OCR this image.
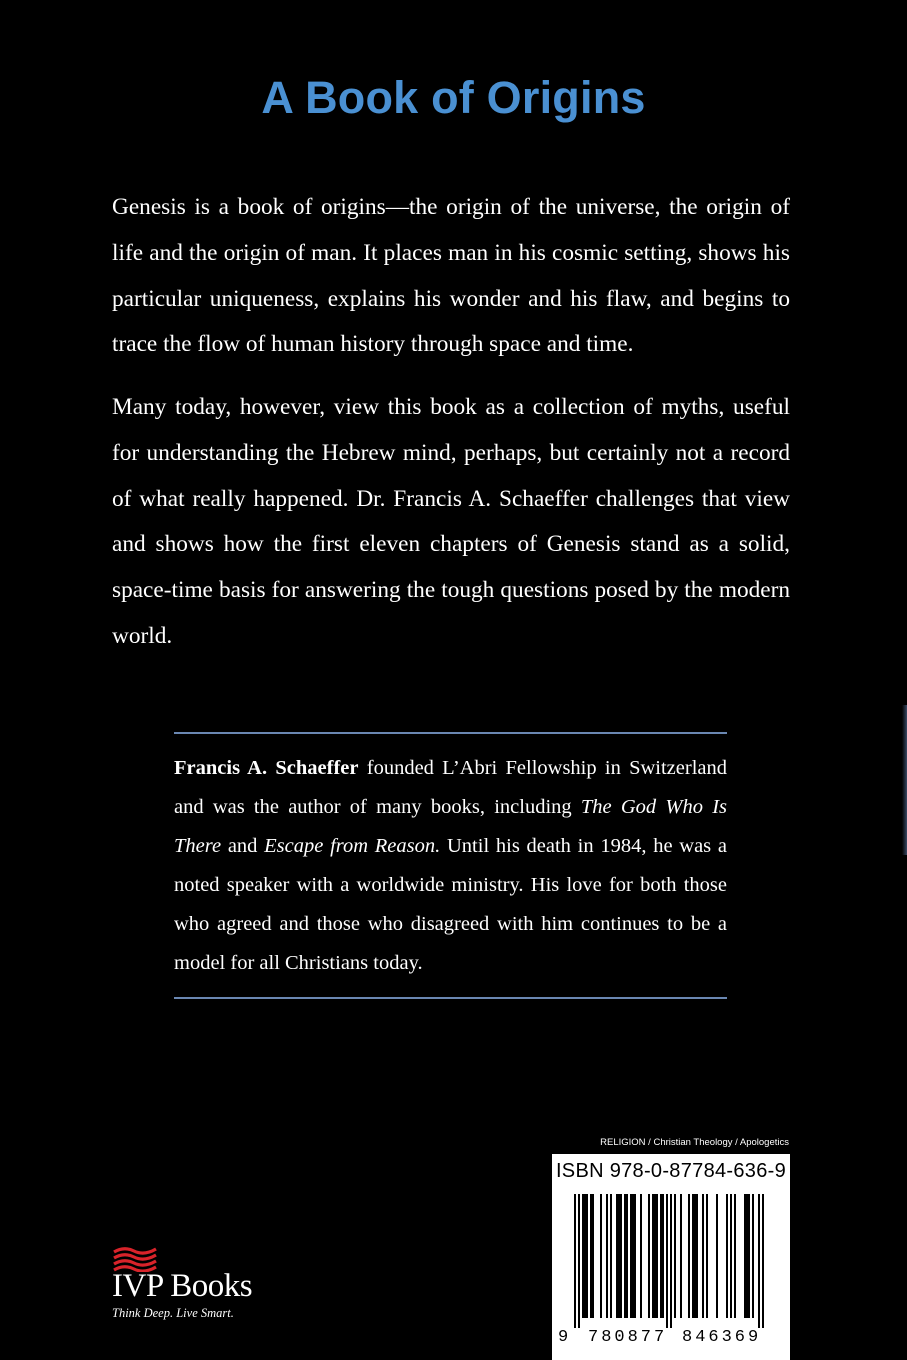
A Book of Origins

Genesis is a book of origins—the origin of the universe, the origin of life and the origin of man. It places man in his cosmic setting, shows his particular uniqueness, explains his wonder and his flaw, and begins to trace the flow of human history through space and time.

Many today, however, view this book as a collection of myths, useful for understanding the Hebrew mind, perhaps, but certainly not a record of what really happened. Dr. Francis A. Schaeffer challenges that view and shows how the first eleven chapters of Genesis stand as a solid, space-time basis for answering the tough questions posed by the modern world.

Francis A. Schaeffer founded L’Abri Fellowship in Switzerland and was the author of many books, including The God Who Is There and Escape from Reason. Until his death in 1984, he was a noted speaker with a worldwide ministry. His love for both those who agreed and those who disagreed with him continues to be a model for all Christians today.

RELIGION / Christian Theology / Apologetics
ISBN 978-0-87784-636-9
9 780877 846369
IVP Books
Think Deep. Live Smart.
